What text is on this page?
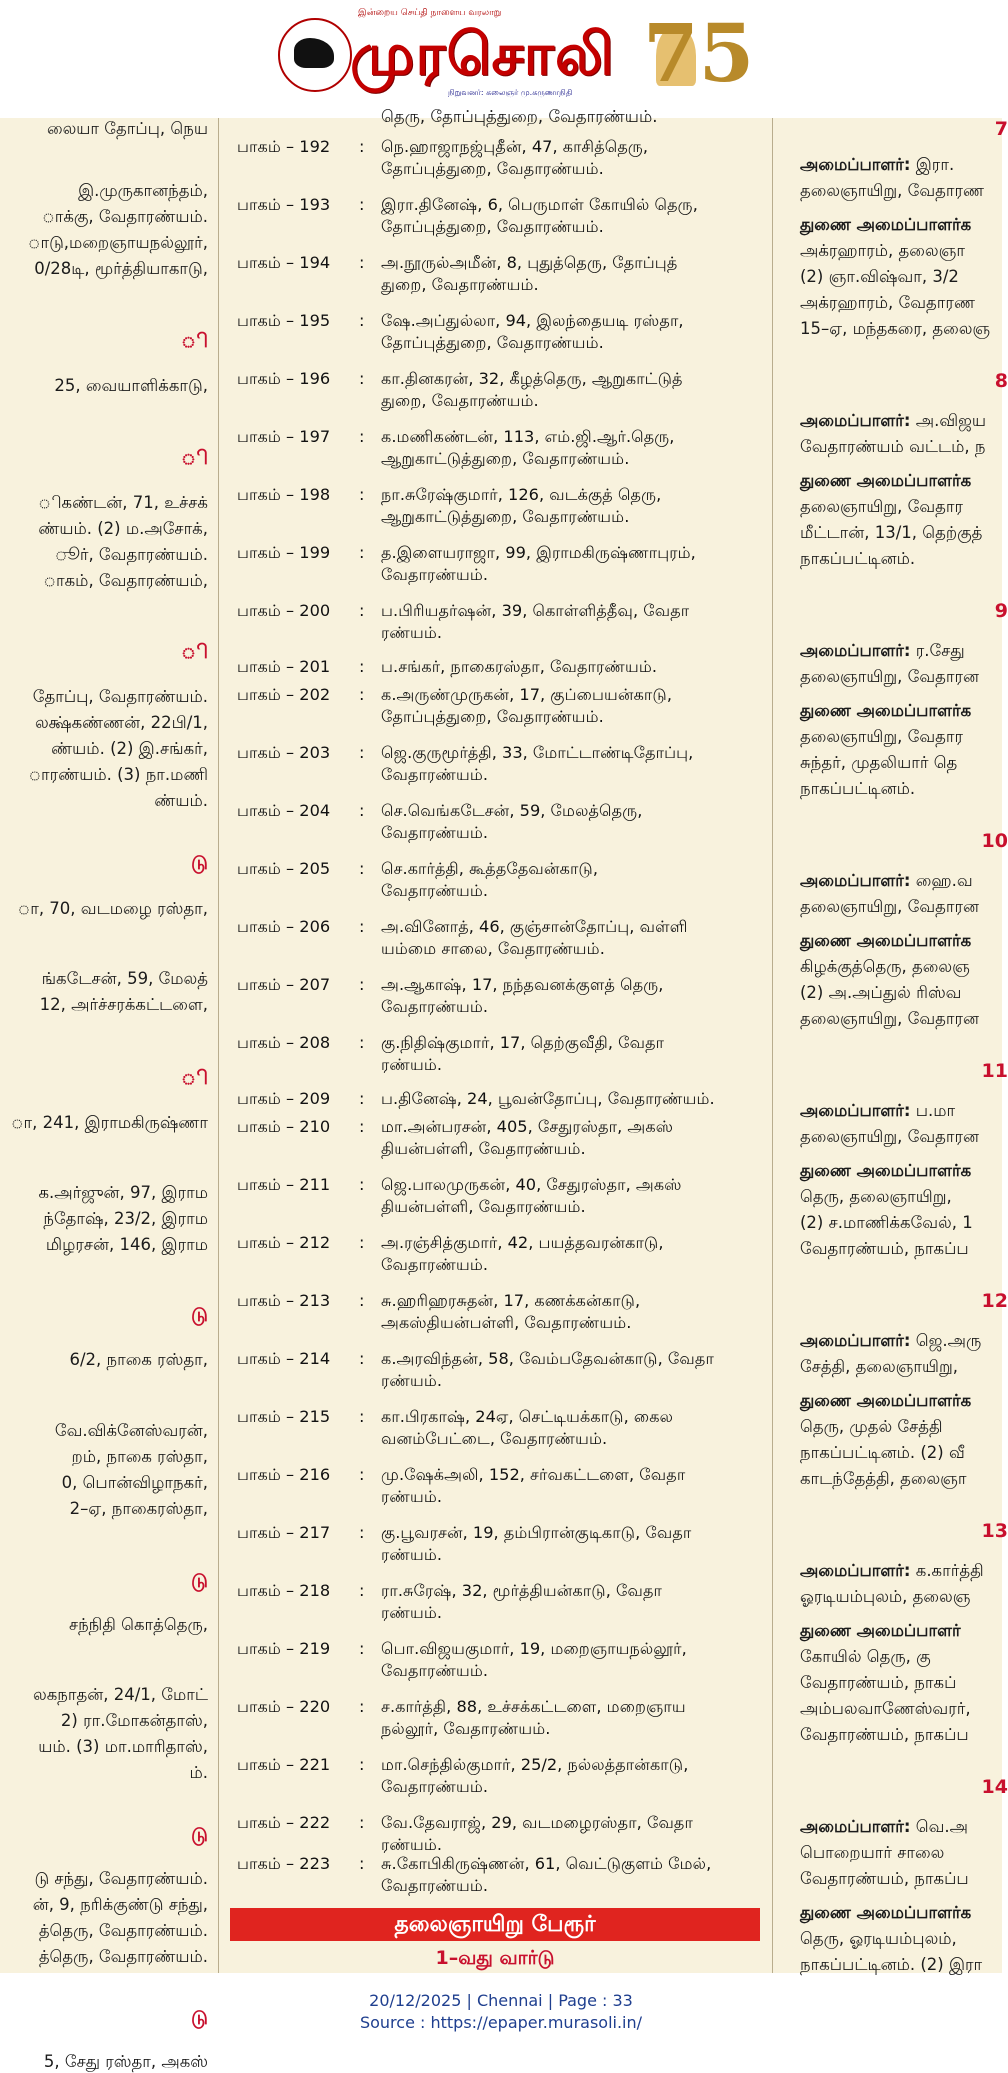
இன்றைய செய்தி நாளைய வரலாறு
முரசொலி
நிறுவனர்: கலைஞர் மு.கருணாநிதி 75
லையா தோப்பு, நெய
இ.முருகானந்தம்,
ாக்கு, வேதாரண்யம்.
ாடு,மறைஞாயநல்லூர்,
0/28டி, மூர்த்தியாகாடு,
ி
25, வையாளிக்காடு,
ி
ிகண்டன், 71, உச்சக்
ண்யம். (2) ம.அசோக்,
ூர், வேதாரண்யம்.
ாகம், வேதாரண்யம்,
ி
தோப்பு, வேதாரண்யம்.
லக்ஷ்கண்ணன், 22பி/1,
ண்யம். (2) இ.சங்கர்,
ாரண்யம். (3) நா.மணி
ண்யம்.
டு
ா, 70, வடமழை ரஸ்தா,
ங்கடேசன், 59, மேலத்
12, அர்ச்சரக்கட்டளை,
ி
ா, 241, இராமகிருஷ்ணா
க.அர்ஜுன், 97, இராம
ந்தோஷ், 23/2, இராம
மிழரசன், 146, இராம
டு
6/2, நாகை ரஸ்தா,
வே.விக்னேஸ்வரன்,
றம், நாகை ரஸ்தா,
0, பொன்விழாநகர்,
2–ஏ, நாகைரஸ்தா,
டு
சந்நிதி கொத்தெரு,
லகநாதன், 24/1, மோட்
2) ரா.மோகன்தாஸ்,
யம். (3) மா.மாரிதாஸ்,
ம்.
டு
டு சந்து, வேதாரண்யம்.
ன், 9, நரிக்குண்டு சந்து,
த்தெரு, வேதாரண்யம்.
த்தெரு, வேதாரண்யம்.
டு
5, சேது ரஸ்தா, அகஸ்
தெரு, தோப்புத்துறை, வேதாரண்யம்.
பாகம் – 192	: நெ.ஹாஜாநஜ்புதீன், 47, காசித்தெரு,
தோப்புத்துறை, வேதாரண்யம்.
பாகம் – 193	: இரா.தினேஷ், 6, பெருமாள் கோயில் தெரு,
தோப்புத்துறை, வேதாரண்யம்.
பாகம் – 194	: அ.நூருல்அமீன், 8, புதுத்தெரு, தோப்புத்
துறை, வேதாரண்யம்.
பாகம் – 195	: ஷே.அப்துல்லா, 94, இலந்தையடி ரஸ்தா,
தோப்புத்துறை, வேதாரண்யம்.
பாகம் – 196	: கா.தினகரன், 32, கீழத்தெரு, ஆறுகாட்டுத்
துறை, வேதாரண்யம்.
பாகம் – 197	: க.மணிகண்டன், 113, எம்.ஜி.ஆர்.தெரு,
ஆறுகாட்டுத்துறை, வேதாரண்யம்.
பாகம் – 198	: நா.சுரேஷ்குமார், 126, வடக்குத் தெரு,
ஆறுகாட்டுத்துறை, வேதாரண்யம்.
பாகம் – 199	: த.இளையராஜா, 99, இராமகிருஷ்ணாபுரம்,
வேதாரண்யம்.
பாகம் – 200	: ப.பிரியதர்ஷன், 39, கொள்ளித்தீவு, வேதா
ரண்யம்.
பாகம் – 201	: ப.சங்கர், நாகைரஸ்தா, வேதாரண்யம்.
பாகம் – 202	: க.அருண்முருகன், 17, குப்பையன்காடு,
தோப்புத்துறை, வேதாரண்யம்.
பாகம் – 203	: ஜெ.குருமூர்த்தி, 33, மோட்டாண்டிதோப்பு,
வேதாரண்யம்.
பாகம் – 204	: செ.வெங்கடேசன், 59, மேலத்தெரு,
வேதாரண்யம்.
பாகம் – 205	: செ.கார்த்தி, கூத்ததேவன்காடு,
வேதாரண்யம்.
பாகம் – 206	: அ.வினோத், 46, குஞ்சான்தோப்பு, வள்ளி
யம்மை சாலை, வேதாரண்யம்.
பாகம் – 207	: அ.ஆகாஷ், 17, நந்தவனக்குளத் தெரு,
வேதாரண்யம்.
பாகம் – 208	: கு.நிதிஷ்குமார், 17, தெற்குவீதி, வேதா
ரண்யம்.
பாகம் – 209	: ப.தினேஷ், 24, பூவன்தோப்பு, வேதாரண்யம்.
பாகம் – 210	: மா.அன்பரசன், 405, சேதுரஸ்தா, அகஸ்
தியன்பள்ளி, வேதாரண்யம்.
பாகம் – 211	: ஜெ.பாலமுருகன், 40, சேதுரஸ்தா, அகஸ்
தியன்பள்ளி, வேதாரண்யம்.
பாகம் – 212	: அ.ரஞ்சித்குமார், 42, பயத்தவரன்காடு,
வேதாரண்யம்.
பாகம் – 213	: சு.ஹரிஹரசுதன், 17, கணக்கன்காடு,
அகஸ்தியன்பள்ளி, வேதாரண்யம்.
பாகம் – 214	: க.அரவிந்தன், 58, வேம்பதேவன்காடு, வேதா
ரண்யம்.
பாகம் – 215	: கா.பிரகாஷ், 24ஏ, செட்டியக்காடு, கைல
வனம்பேட்டை, வேதாரண்யம்.
பாகம் – 216	: மு.ஷேக்அலி, 152, சர்வகட்டளை, வேதா
ரண்யம்.
பாகம் – 217	: கு.பூவரசன், 19, தம்பிரான்குடிகாடு, வேதா
ரண்யம்.
பாகம் – 218	: ரா.சுரேஷ், 32, மூர்த்தியன்காடு, வேதா
ரண்யம்.
பாகம் – 219	: பொ.விஜயகுமார், 19, மறைஞாயநல்லூர்,
வேதாரண்யம்.
பாகம் – 220	: ச.கார்த்தி, 88, உச்சக்கட்டளை, மறைஞாய
நல்லூர், வேதாரண்யம்.
பாகம் – 221	: மா.செந்தில்குமார், 25/2, நல்லத்தான்காடு,
வேதாரண்யம்.
பாகம் – 222	: வே.தேவராஜ், 29, வடமழைரஸ்தா, வேதா
ரண்யம்.
பாகம் – 223	: சு.கோபிகிருஷ்ணன், 61, வெட்டுகுளம் மேல்,
வேதாரண்யம்.
தலைஞாயிறு பேரூர்
1–வது வார்டு
7
அமைப்பாளர்: இரா.
தலைஞாயிறு, வேதாரண
துணை அமைப்பாளர்க
அக்ரஹாரம், தலைஞா
(2) ஞா.விஷ்வா, 3/2
அக்ரஹாரம், வேதாரண
15–ஏ, மந்தகரை, தலைஞ
8
அமைப்பாளர்: அ.விஜய
வேதாரண்யம் வட்டம், ந
துணை அமைப்பாளர்க
தலைஞாயிறு, வேதார
மீட்டான், 13/1, தெற்குத்
நாகப்பட்டினம்.
9
அமைப்பாளர்: ர.சேது
தலைஞாயிறு, வேதாரன
துணை அமைப்பாளர்க
தலைஞாயிறு, வேதார
சுந்தர், முதலியார் தெ
நாகப்பட்டினம்.
10
அமைப்பாளர்: ஹை.வ
தலைஞாயிறு, வேதாரன
துணை அமைப்பாளர்க
கிழக்குத்தெரு, தலைஞ
(2) அ.அப்துல் ரிஸ்வ
தலைஞாயிறு, வேதாரன
11
அமைப்பாளர்: ப.மா
தலைஞாயிறு, வேதாரன
துணை அமைப்பாளர்க
தெரு, தலைஞாயிறு,
(2) ச.மாணிக்கவேல், 1
வேதாரண்யம், நாகப்ப
12
அமைப்பாளர்: ஜெ.அரு
சேத்தி, தலைஞாயிறு,
துணை அமைப்பாளர்க
தெரு, முதல் சேத்தி
நாகப்பட்டினம். (2) வீ
காடந்தேத்தி, தலைஞா
13
அமைப்பாளர்: க.கார்த்தி
ஓரடியம்புலம், தலைஞ
துணை அமைப்பாளர்
கோயில் தெரு, கு
வேதாரண்யம், நாகப்
அம்பலவாணேஸ்வரர்,
வேதாரண்யம், நாகப்ப
14
அமைப்பாளர்: வெ.அ
பொறையார் சாலை
வேதாரண்யம், நாகப்ப
துணை அமைப்பாளர்க
தெரு, ஓரடியம்புலம்,
நாகப்பட்டினம். (2) இரா
20/12/2025 | Chennai | Page : 33
Source : https://epaper.murasoli.in/
